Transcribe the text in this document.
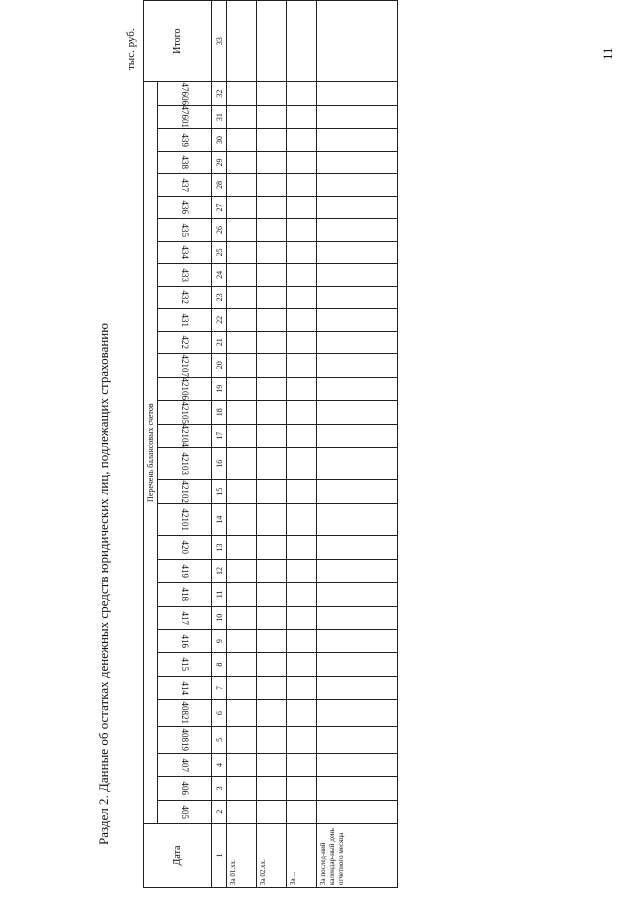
11
Раздел 2. Данные об остатках денежных средств юридических лиц, подлежащих страхованию
тыс. руб.
Дата	Перечень балансовых счетов																															Итого
	405	406	407	40819	40821	414	415	416	417	418	419	420	42101	42102	42103	42104	42105	42106	42107	422	431	432	433	434	435	436	437	438	439	47601	47606	
1	2	3	4	5	6	7	8	9	10	11	12	13	14	15	16	17	18	19	20	21	22	23	24	25	26	27	28	29	30	31	32	33
За 01.хх.																																
За 02.хх.																																
За ...																																
За послед-ний календар-ный день отчетного месяца																																
